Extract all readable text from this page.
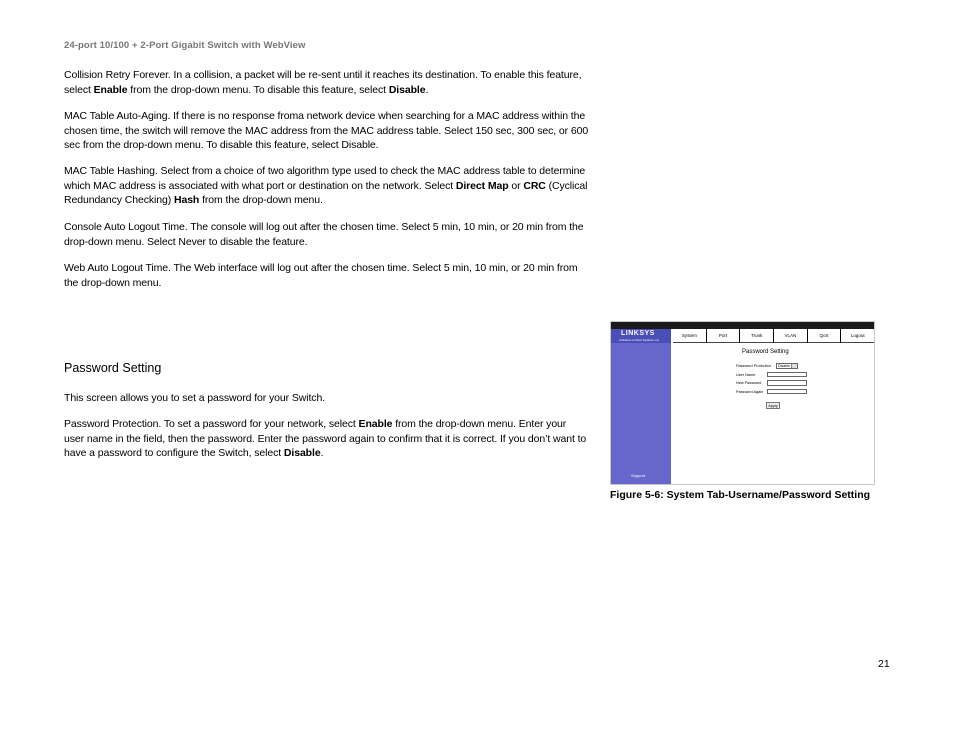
24-port 10/100 + 2-Port Gigabit Switch with WebView
Collision Retry Forever. In a collision, a packet will be re-sent until it reaches its destination. To enable this feature, select Enable from the drop-down menu. To disable this feature, select Disable.
MAC Table Auto-Aging. If there is no response froma network device when searching for a MAC address within the chosen time, the switch will remove the MAC address from the MAC address table. Select 150 sec, 300 sec, or 600 sec from the drop-down menu. To disable this feature, select Disable.
MAC Table Hashing. Select from a choice of two algorithm type used to check the MAC address table to determine which MAC address is associated with what port or destination on the network. Select Direct Map or CRC (Cyclical Redundancy Checking) Hash from the drop-down menu.
Console Auto Logout Time. The console will log out after the chosen time. Select 5 min, 10 min, or 20 min from the drop-down menu. Select Never to disable the feature.
Web Auto Logout Time. The Web interface will log out after the chosen time. Select 5 min, 10 min, or 20 min from the drop-down menu.
Password Setting
This screen allows you to set a password for your Switch.
Password Protection. To set a password for your network, select Enable from the drop-down menu. Enter your user name in the field, then the password. Enter the password again to confirm that it is correct. If you don’t want to have a password to configure the Switch, select Disable.
LINKSYS
A Division of Cisco Systems, Inc.
System	Port	Trunk	VLAN	QoS	Logout
Support
Password Setting
Password Protection	Disable
User Name
New Password
Password Again
Apply
Figure 5-6: System Tab-Username/Password Setting
21
